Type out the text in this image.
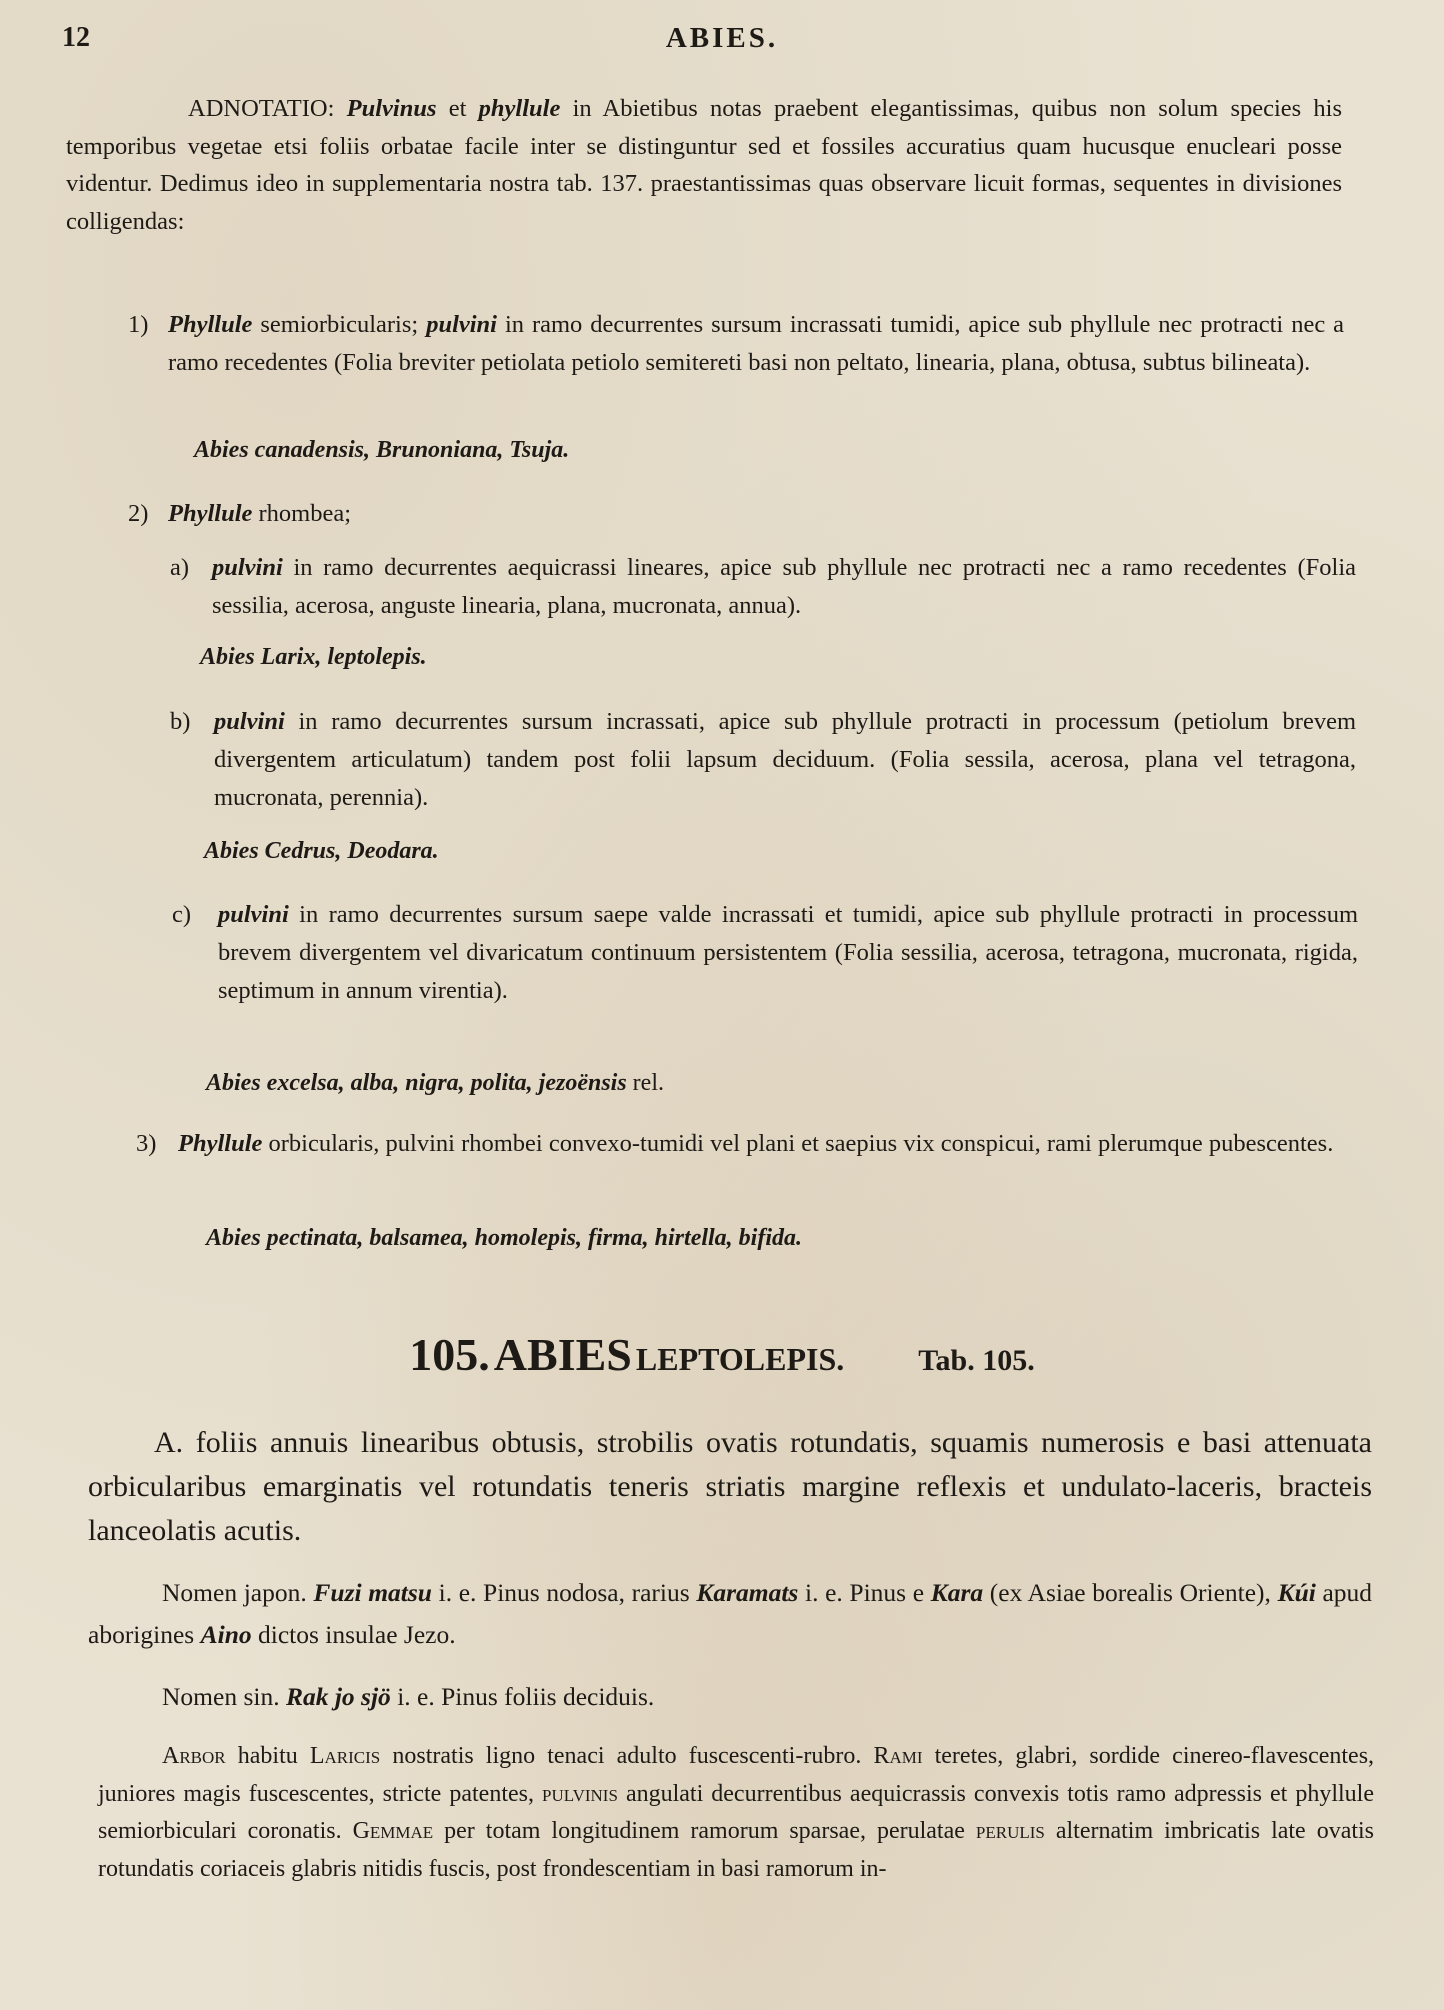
12	ABIES.
ADNOTATIO: Pulvinus et phyllule in Abietibus notas praebent elegantissimas, quibus non solum species his temporibus vegetae etsi foliis orbatae facile inter se distinguntur sed et fossiles accuratius quam hucusque enucleari posse videntur. Dedimus ideo in supplementaria nostra tab. 137. praestantissimas quas observare licuit formas, sequentes in divisiones colligendas:
1) Phyllule semiorbicularis; pulvini in ramo decurrentes sursum incrassati tumidi, apice sub phyllule nec protracti nec a ramo recedentes (Folia breviter petiolata petiolo semitereti basi non peltato, linearia, plana, obtusa, subtus bilineata).
Abies canadensis, Brunoniana, Tsuja.
2) Phyllule rhombea;
a) pulvini in ramo decurrentes aequicrassi lineares, apice sub phyllule nec protracti nec a ramo recedentes (Folia sessilia, acerosa, anguste linearia, plana, mucronata, annua).
Abies Larix, leptolepis.
b) pulvini in ramo decurrentes sursum incrassati, apice sub phyllule protracti in processum (petiolum brevem divergentem articulatum) tandem post folii lapsum deciduum. (Folia sessila, acerosa, plana vel tetragona, mucronata, perennia).
Abies Cedrus, Deodara.
c) pulvini in ramo decurrentes sursum saepe valde incrassati et tumidi, apice sub phyllule protracti in processum brevem divergentem vel divaricatum continuum persistentem (Folia sessilia, acerosa, tetragona, mucronata, rigida, septimum in annum virentia).
Abies excelsa, alba, nigra, polita, jezoënsis rel.
3) Phyllule orbicularis, pulvini rhombei convexo-tumidi vel plani et saepius vix conspicui, rami plerumque pubescentes.
Abies pectinata, balsamea, homolepis, firma, hirtella, bifida.
105. ABIES LEPTOLEPIS. Tab. 105.
A. foliis annuis linearibus obtusis, strobilis ovatis rotundatis, squamis numerosis e basi attenuata orbicularibus emarginatis vel rotundatis teneris striatis margine reflexis et undulato-laceris, bracteis lanceolatis acutis.
Nomen japon. Fuzi matsu i. e. Pinus nodosa, rarius Karamats i. e. Pinus e Kara (ex Asiae borealis Oriente), Kúi apud aborigines Aino dictos insulae Jezo.
Nomen sin. Rak jo sjö i. e. Pinus foliis deciduis.
Arbor habitu Laricis nostratis ligno tenaci adulto fuscescenti-rubro. Rami teretes, glabri, sordide cinereo-flavescentes, juniores magis fuscescentes, stricte patentes, pulvinis angulati decurrentibus aequicrassis convexis totis ramo adpressis et phyllule semiorbiculari coronatis. Gemmae per totam longitudinem ramorum sparsae, perulatae perulis alternatim imbricatis late ovatis rotundatis coriaceis glabris nitidis fuscis, post frondescentiam in basi ramorum in-
